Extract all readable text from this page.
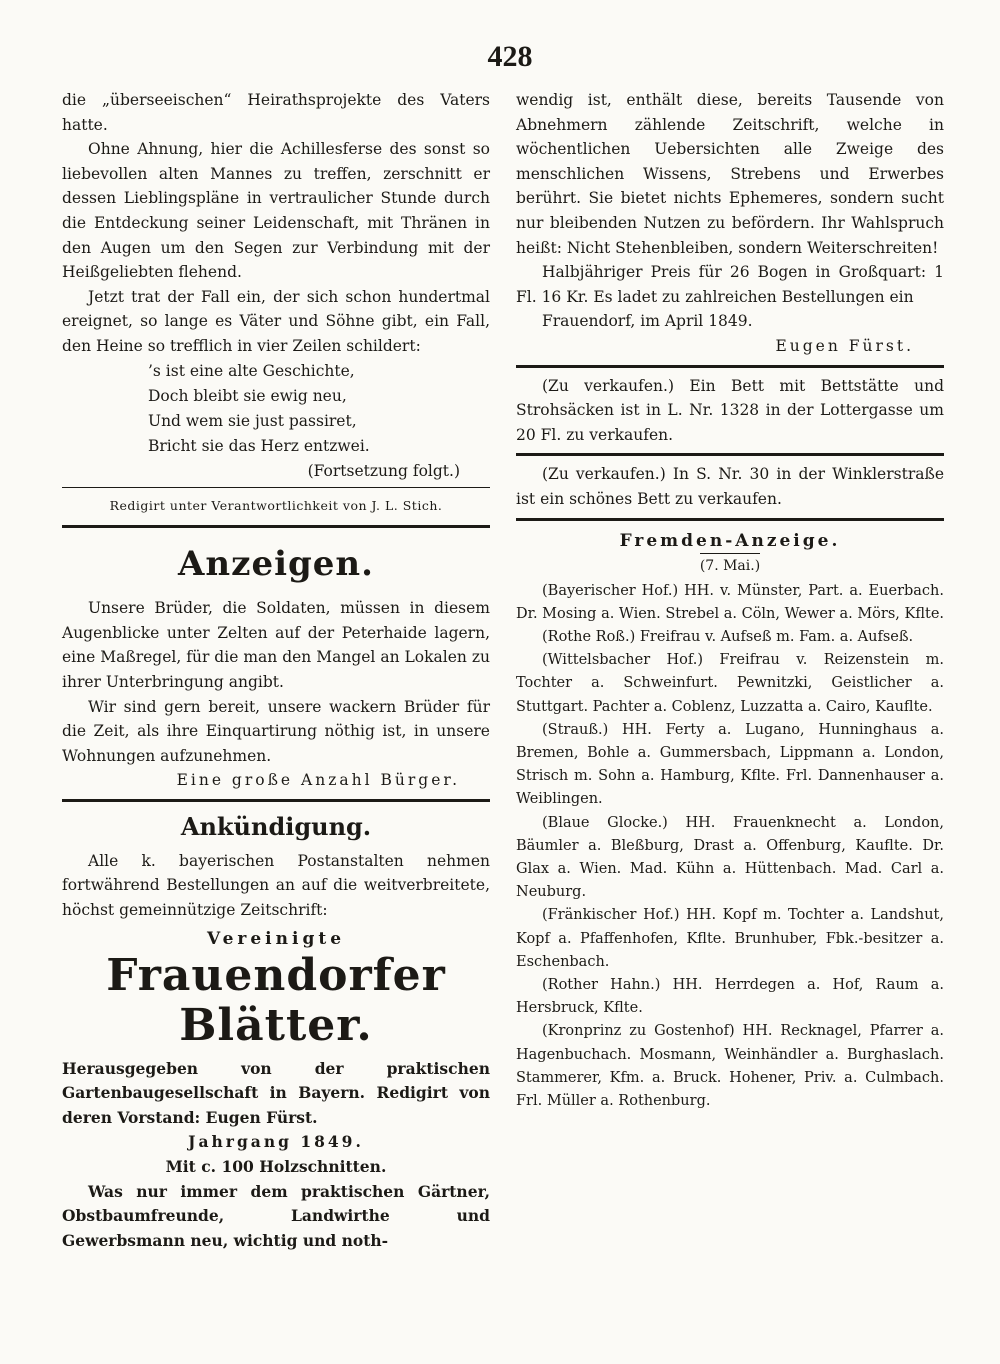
428

die „überseeischen“ Heirathsprojekte des Vaters hatte.

Ohne Ahnung, hier die Achillesferse des sonst so liebevollen alten Mannes zu treffen, zerschnitt er dessen Lieblingspläne in vertraulicher Stunde durch die Entdeckung seiner Leidenschaft, mit Thränen in den Augen um den Segen zur Verbindung mit der Heißgeliebten flehend.

Jetzt trat der Fall ein, der sich schon hundertmal ereignet, so lange es Väter und Söhne gibt, ein Fall, den Heine so trefflich in vier Zeilen schildert:

’s ist eine alte Geschichte,

Doch bleibt sie ewig neu,

Und wem sie just passiret,

Bricht sie das Herz entzwei.

(Fortsetzung folgt.)

Redigirt unter Verantwortlichkeit von J. L. Stich.
Anzeigen.

Unsere Brüder, die Soldaten, müssen in diesem Augenblicke unter Zelten auf der Peterhaide lagern, eine Maßregel, für die man den Mangel an Lokalen zu ihrer Unterbringung angibt.

Wir sind gern bereit, unsere wackern Brüder für die Zeit, als ihre Einquartirung nöthig ist, in unsere Wohnungen aufzunehmen.

Eine große Anzahl Bürger.

Ankündigung.

Alle k. bayerischen Postanstalten nehmen fortwährend Bestellungen an auf die weitverbreitete, höchst gemeinnützige Zeitschrift:

Vereinigte
Frauendorfer Blätter.

Herausgegeben von der praktischen Gartenbaugesellschaft in Bayern. Redigirt von deren Vorstand: Eugen Fürst.

Jahrgang 1849.

Mit c. 100 Holzschnitten.

Was nur immer dem praktischen Gärtner, Obstbaumfreunde, Landwirthe und Gewerbsmann neu, wichtig und noth-

wendig ist, enthält diese, bereits Tausende von Abnehmern zählende Zeitschrift, welche in wöchentlichen Uebersichten alle Zweige des menschlichen Wissens, Strebens und Erwerbes berührt. Sie bietet nichts Ephemeres, sondern sucht nur bleibenden Nutzen zu befördern. Ihr Wahlspruch heißt: Nicht Stehenbleiben, sondern Weiterschreiten!

Halbjähriger Preis für 26 Bogen in Großquart: 1 Fl. 16 Kr. Es ladet zu zahlreichen Bestellungen ein

Frauendorf, im April 1849.

Eugen Fürst.

(Zu verkaufen.) Ein Bett mit Bettstätte und Strohsäcken ist in L. Nr. 1328 in der Lottergasse um 20 Fl. zu verkaufen.

(Zu verkaufen.) In S. Nr. 30 in der Winklerstraße ist ein schönes Bett zu verkaufen.

Fremden-Anzeige.
(7. Mai.)

(Bayerischer Hof.) HH. v. Münster, Part. a. Euerbach. Dr. Mosing a. Wien. Strebel a. Cöln, Wewer a. Mörs, Kflte.

(Rothe Roß.) Freifrau v. Aufseß m. Fam. a. Aufseß.

(Wittelsbacher Hof.) Freifrau v. Reizenstein m. Tochter a. Schweinfurt. Pewnitzki, Geistlicher a. Stuttgart. Pachter a. Coblenz, Luzzatta a. Cairo, Kaufltе.

(Strauß.) HH. Ferty a. Lugano, Hunninghaus a. Bremen, Bohle a. Gummersbach, Lippmann a. London, Strisch m. Sohn a. Hamburg, Kflte. Frl. Dannenhauser a. Weiblingen.

(Blaue Glocke.) HH. Frauenknecht a. London, Bäumler a. Bleßburg, Drast a. Offenburg, Kauflte. Dr. Glax a. Wien. Mad. Kühn a. Hüttenbach. Mad. Carl a. Neuburg.

(Fränkischer Hof.) HH. Kopf m. Tochter a. Landshut, Kopf a. Pfaffenhofen, Kflte. Brunhuber, Fbk.-besitzer a. Eschenbach.

(Rother Hahn.) HH. Herrdegen a. Hof, Raum a. Hersbruck, Kflte.

(Kronprinz zu Gostenhof) HH. Recknagel, Pfarrer a. Hagenbuchach. Mosmann, Weinhändler a. Burghaslach. Stammerer, Kfm. a. Bruck. Hohener, Priv. a. Culmbach. Frl. Müller a. Rothenburg.
